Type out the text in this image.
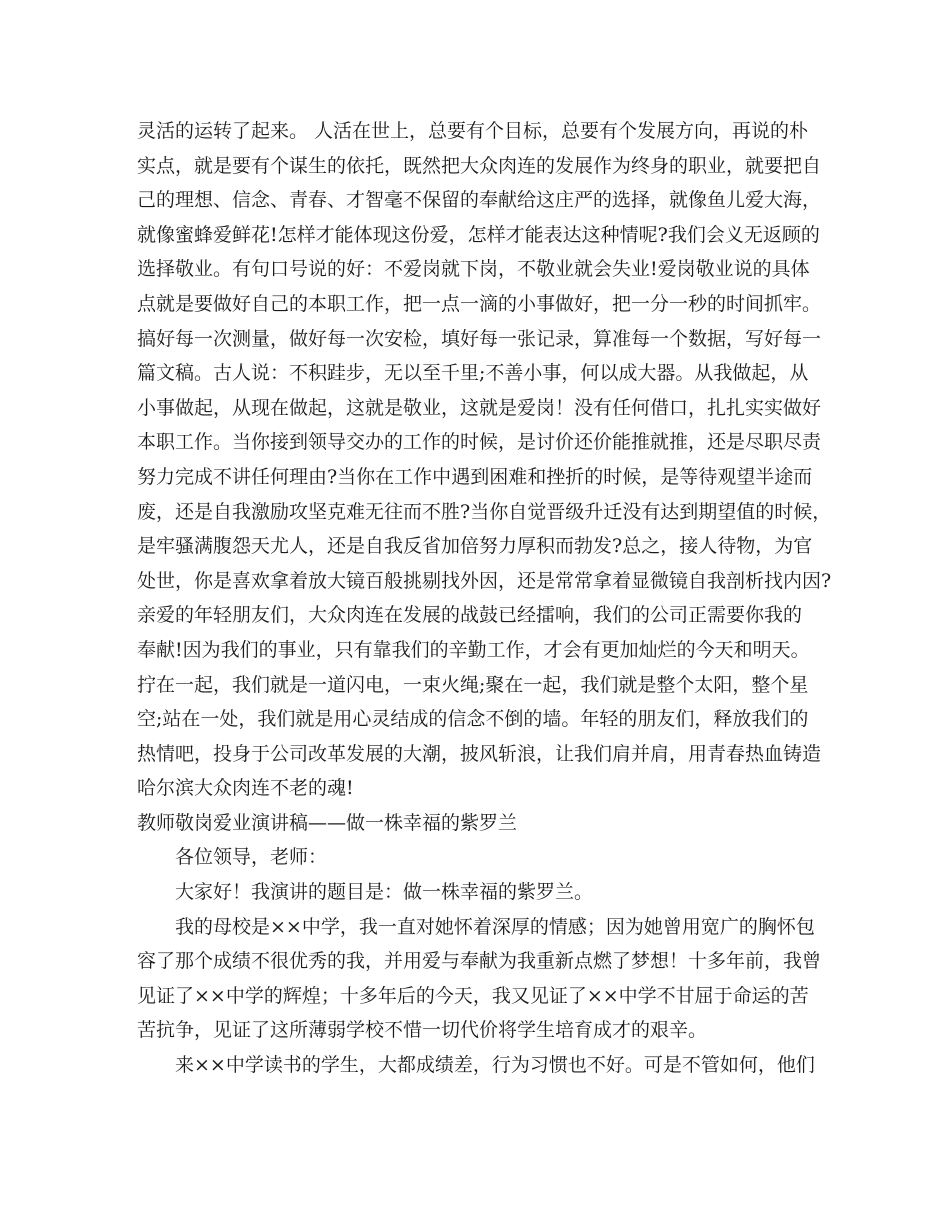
灵活的运转了起来。 人活在世上，总要有个目标，总要有个发展方向，再说的朴
实点，就是要有个谋生的依托，既然把大众肉连的发展作为终身的职业，就要把自
己的理想、信念、青春、才智毫不保留的奉献给这庄严的选择，就像鱼儿爱大海，
就像蜜蜂爱鲜花!怎样才能体现这份爱，怎样才能表达这种情呢?我们会义无返顾的
选择敬业。有句口号说的好：不爱岗就下岗，不敬业就会失业!爱岗敬业说的具体
点就是要做好自己的本职工作，把一点一滴的小事做好，把一分一秒的时间抓牢。
搞好每一次测量，做好每一次安检，填好每一张记录，算准每一个数据，写好每一
篇文稿。古人说：不积跬步，无以至千里;不善小事，何以成大器。从我做起，从
小事做起，从现在做起，这就是敬业，这就是爱岗！没有任何借口，扎扎实实做好
本职工作。当你接到领导交办的工作的时候，是讨价还价能推就推，还是尽职尽责
努力完成不讲任何理由?当你在工作中遇到困难和挫折的时候，是等待观望半途而
废，还是自我激励攻坚克难无往而不胜?当你自觉晋级升迁没有达到期望值的时候，
是牢骚满腹怨天尤人，还是自我反省加倍努力厚积而勃发?总之，接人待物，为官
处世，你是喜欢拿着放大镜百般挑剔找外因，还是常常拿着显微镜自我剖析找内因?
亲爱的年轻朋友们，大众肉连在发展的战鼓已经擂响，我们的公司正需要你我的
奉献!因为我们的事业，只有靠我们的辛勤工作，才会有更加灿烂的今天和明天。
拧在一起，我们就是一道闪电，一束火绳;聚在一起，我们就是整个太阳，整个星
空;站在一处，我们就是用心灵结成的信念不倒的墙。年轻的朋友们，释放我们的
热情吧，投身于公司改革发展的大潮，披风斩浪，让我们肩并肩，用青春热血铸造
哈尔滨大众肉连不老的魂!
教师敬岗爱业演讲稿——做一株幸福的紫罗兰
各位领导，老师：
大家好！我演讲的题目是：做一株幸福的紫罗兰。
我的母校是××中学，我一直对她怀着深厚的情感；因为她曾用宽广的胸怀包
容了那个成绩不很优秀的我，并用爱与奉献为我重新点燃了梦想！十多年前，我曾
见证了××中学的辉煌；十多年后的今天，我又见证了××中学不甘屈于命运的苦
苦抗争，见证了这所薄弱学校不惜一切代价将学生培育成才的艰辛。
来××中学读书的学生，大都成绩差，行为习惯也不好。可是不管如何，他们
